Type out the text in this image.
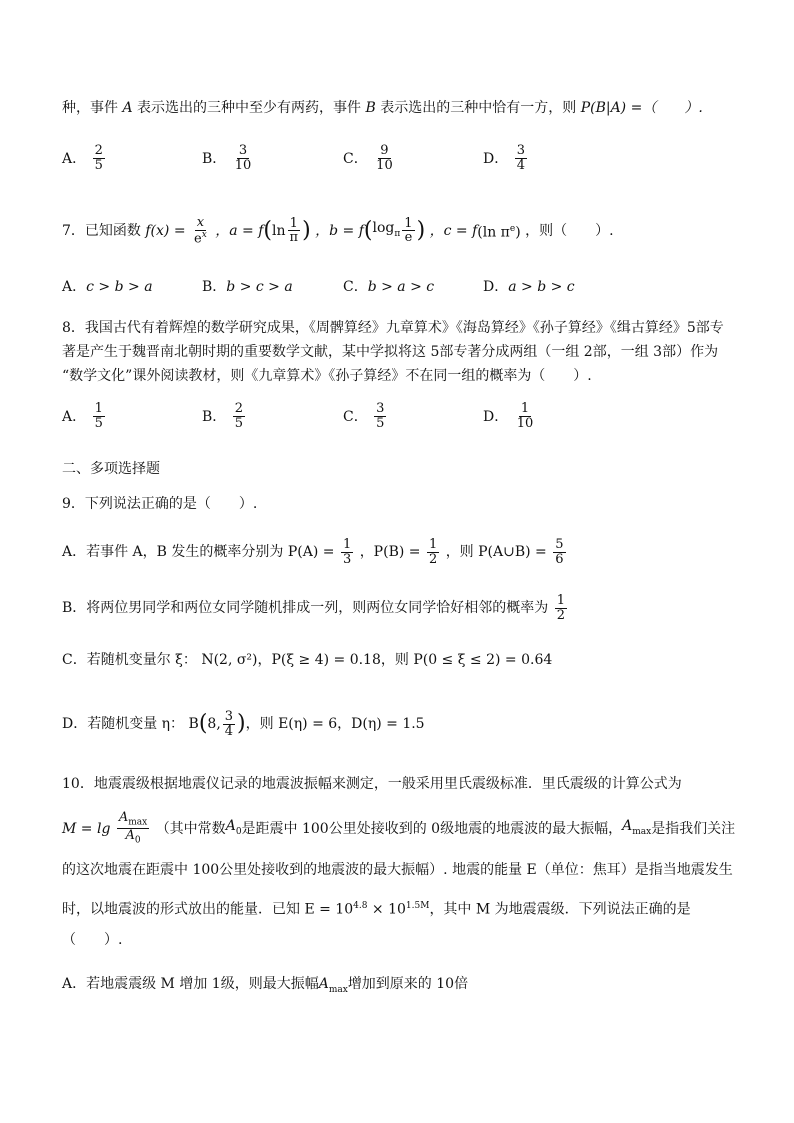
种，事件 A 表示选出的三种中至少有两药，事件 B 表示选出的三种中恰有一方，则 P(B|A) =（　　）.
A． $\frac{2}{5}$	B． $\frac{3}{10}$	C． $\frac{9}{10}$	D． $\frac{3}{4}$
7．已知函数 $f(x) = \frac{x}{e^x}$ ，$a = f(\ln \frac{1}{\pi}$ ) ，$b = f(\log_\pi \frac{1}{e}$ ) ，c = f(ln $\pi^e$) ，则（　　）.
A．c > b > a	B．b > c > a	C．b > a > c	D．a > b > c
8．我国古代有着辉煌的数学研究成果，《周髀算经》九章算术》《海岛算经》《孙子算经》《缉古算经》5部专
著是产生于魏晋南北朝时期的重要数学文献，某中学拟将这 5部专著分成两组（一组 2部，一组 3部）作为
“数学文化”课外阅读教材，则《九章算术》《孙子算经》不在同一组的概率为（　　）.
A． $\frac{1}{5}$	B． $\frac{2}{5}$	C． $\frac{3}{5}$	D． $\frac{1}{10}$
二、多项选择题
9．下列说法正确的是（　　）.
A．若事件 A，B 发生的概率分别为 $P(A) = \frac{1}{3}$ ，$P(B) = \frac{1}{2}$ ，则 P(A∪B) = $\frac{5}{6}$
B．将两位男同学和两位女同学随机排成一列，则两位女同学恰好相邻的概率为 $\frac{1}{2}$
C．若随机变量尔 ξ： N(2, σ²)，P(ξ ≥ 4) = 0.18，则 P(0 ≤ ξ ≤ 2) = 0.64
D．若随机变量 η： B(8, $\frac{3}{4}$ )，则 E(η) = 6，D(η) = 1.5
10．地震震级根据地震仪记录的地震波振幅来测定，一般采用里氏震级标准．里氏震级的计算公式为
$M = \lg \frac{A_{max}}{A_0}$ （其中常数$A_0$是距震中 100公里处接收到的 0级地震的地震波的最大振幅，$A_{max}$是指我们关注
的这次地震在距震中 100公里处接收到的地震波的最大振幅）. 地震的能量 E（单位：焦耳）是指当地震发生
时，以地震波的形式放出的能量．已知 $E = 10^{4.8} \times 10^{1.5M}$，其中 M 为地震震级．下列说法正确的是
（　　）.
A．若地震震级 M 增加 1级，则最大振幅$A_{max}$增加到原来的 10倍
